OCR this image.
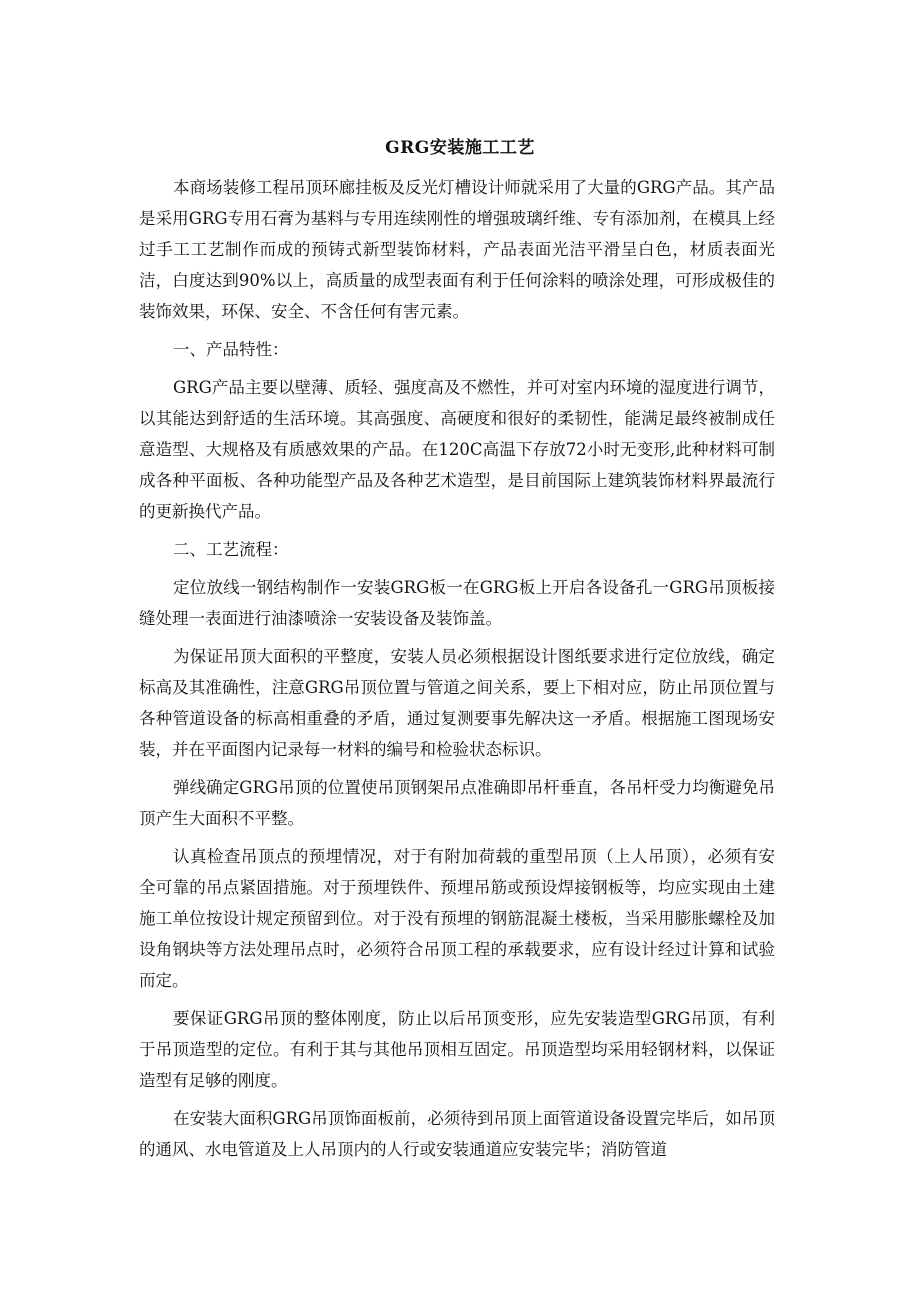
GRG安装施工工艺

本商场装修工程吊顶环廊挂板及反光灯槽设计师就采用了大量的GRG产品。其产品是采用GRG专用石膏为基料与专用连续刚性的增强玻璃纤维、专有添加剂，在模具上经过手工工艺制作而成的预铸式新型装饰材料，产品表面光洁平滑呈白色，材质表面光洁，白度达到90%以上，高质量的成型表面有利于任何涂料的喷涂处理，可形成极佳的装饰效果，环保、安全、不含任何有害元素。

一、产品特性：

GRG产品主要以壁薄、质轻、强度高及不燃性，并可对室内环境的湿度进行调节，以其能达到舒适的生活环境。其高强度、高硬度和很好的柔韧性，能满足最终被制成任意造型、大规格及有质感效果的产品。在120C高温下存放72小时无变形,此种材料可制成各种平面板、各种功能型产品及各种艺术造型，是目前国际上建筑装饰材料界最流行的更新换代产品。

二、工艺流程：

定位放线一钢结构制作一安装GRG板一在GRG板上开启各设备孔一GRG吊顶板接缝处理一表面进行油漆喷涂一安装设备及装饰盖。

为保证吊顶大面积的平整度，安装人员必须根据设计图纸要求进行定位放线，确定标高及其准确性，注意GRG吊顶位置与管道之间关系，要上下相对应，防止吊顶位置与各种管道设备的标高相重叠的矛盾，通过复测要事先解决这一矛盾。根据施工图现场安装，并在平面图内记录每一材料的编号和检验状态标识。

弹线确定GRG吊顶的位置使吊顶钢架吊点准确即吊杆垂直，各吊杆受力均衡避免吊顶产生大面积不平整。

认真检查吊顶点的预埋情况，对于有附加荷载的重型吊顶（上人吊顶），必须有安全可靠的吊点紧固措施。对于预埋铁件、预埋吊筋或预设焊接钢板等，均应实现由土建施工单位按设计规定预留到位。对于没有预埋的钢筋混凝土楼板，当采用膨胀螺栓及加设角钢块等方法处理吊点时，必须符合吊顶工程的承载要求，应有设计经过计算和试验而定。

要保证GRG吊顶的整体刚度，防止以后吊顶变形，应先安装造型GRG吊顶，有利于吊顶造型的定位。有利于其与其他吊顶相互固定。吊顶造型均采用轻钢材料，以保证造型有足够的刚度。

在安装大面积GRG吊顶饰面板前，必须待到吊顶上面管道设备设置完毕后，如吊顶的通风、水电管道及上人吊顶内的人行或安装通道应安装完毕；消防管道
